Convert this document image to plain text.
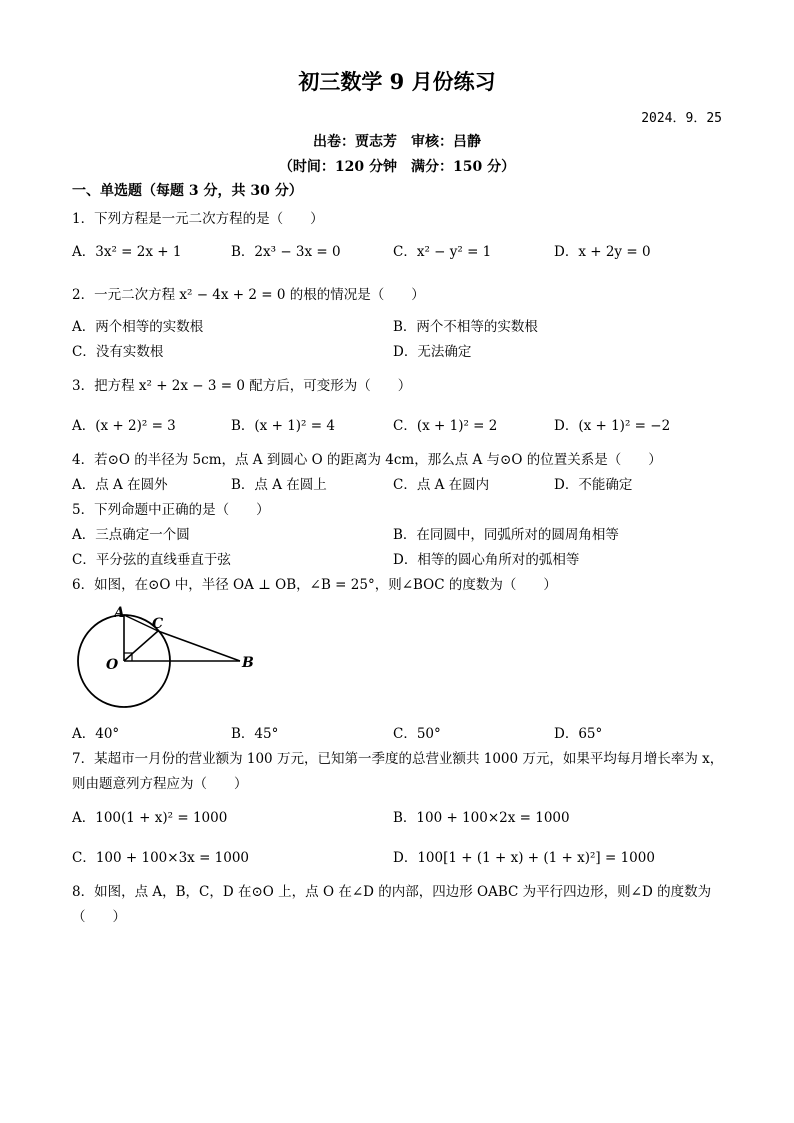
初三数学 9 月份练习
2024．9．25
出卷：贾志芳　审核：吕静
（时间：120 分钟　满分：150 分）
一、单选题（每题 3 分，共 30 分）
1．下列方程是一元二次方程的是（　　）
A．3x² = 2x + 1	B．2x³ − 3x = 0	C．x² − y² = 1	D．x + 2y = 0
2．一元二次方程 x² − 4x + 2 = 0 的根的情况是（　　）
A．两个相等的实数根	B．两个不相等的实数根
C．没有实数根	D．无法确定
3．把方程 x² + 2x − 3 = 0 配方后，可变形为（　　）
A．(x + 2)² = 3	B．(x + 1)² = 4	C．(x + 1)² = 2	D．(x + 1)² = −2
4．若⊙O 的半径为 5cm，点 A 到圆心 O 的距离为 4cm，那么点 A 与⊙O 的位置关系是（　　）
A．点 A 在圆外	B．点 A 在圆上	C．点 A 在圆内	D．不能确定
5．下列命题中正确的是（　　）
A．三点确定一个圆	B．在同圆中，同弧所对的圆周角相等
C．平分弦的直线垂直于弦	D．相等的圆心角所对的弧相等
6．如图，在⊙O 中，半径 OA ⊥ OB，∠B = 25°，则∠BOC 的度数为（　　）
A
C
O	B
A．40°	B．45°	C．50°	D．65°
7．某超市一月份的营业额为 100 万元，已知第一季度的总营业额共 1000 万元，如果平均每月增长率为 x，
则由题意列方程应为（　　）
A．100(1 + x)² = 1000	B．100 + 100×2x = 1000
C．100 + 100×3x = 1000	D．100[1 + (1 + x) + (1 + x)²] = 1000
8．如图，点 A，B，C，D 在⊙O 上，点 O 在∠D 的内部，四边形 OABC 为平行四边形，则∠D 的度数为
（　　）
